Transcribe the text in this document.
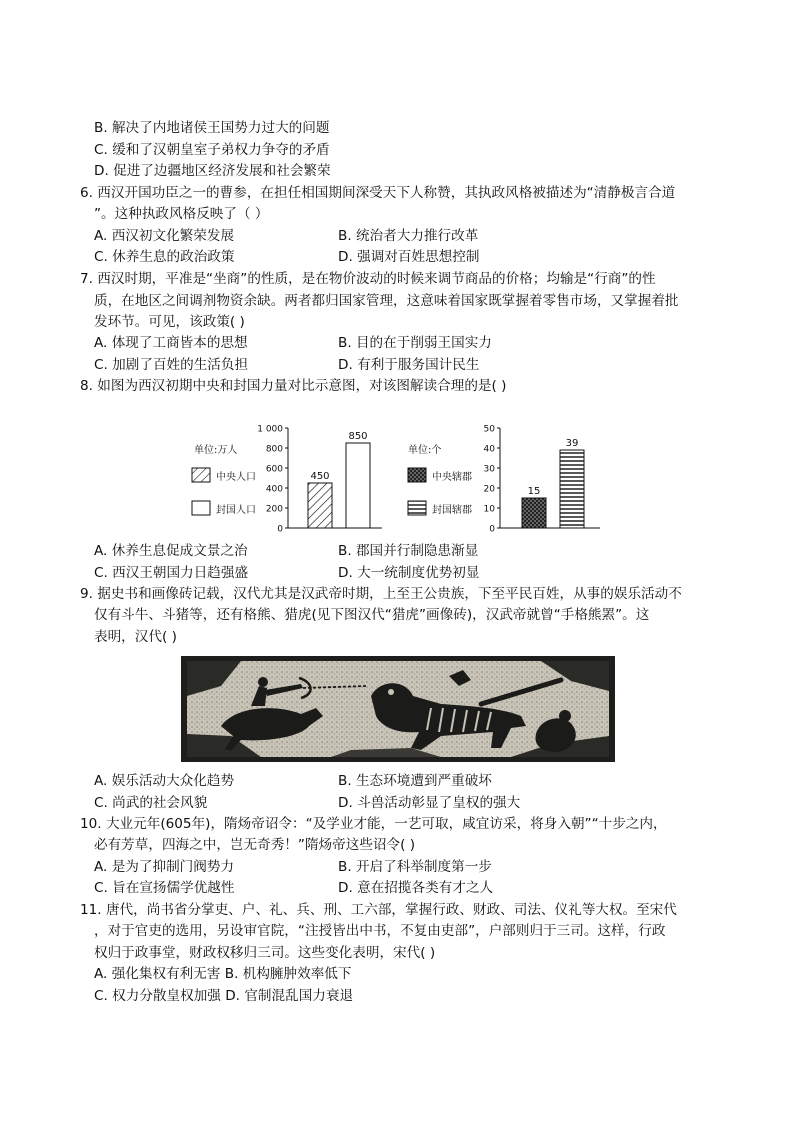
B. 解决了内地诸侯王国势力过大的问题
C. 缓和了汉朝皇室子弟权力争夺的矛盾
D. 促进了边疆地区经济发展和社会繁荣
6. 西汉开国功臣之一的曹参，在担任相国期间深受天下人称赞，其执政风格被描述为“清静极言合道
”。这种执政风格反映了（ ）
A. 西汉初文化繁荣发展	B. 统治者大力推行改革
C. 休养生息的政治政策	D. 强调对百姓思想控制
7. 西汉时期，平准是“坐商”的性质，是在物价波动的时候来调节商品的价格；均输是“行商”的性
质，在地区之间调剂物资余缺。两者都归国家管理，这意味着国家既掌握着零售市场，又掌握着批
发环节。可见，该政策( )
A. 体现了工商皆本的思想	B. 目的在于削弱王国实力
C. 加剧了百姓的生活负担	D. 有利于服务国计民生
8. 如图为西汉初期中央和封国力量对比示意图，对该图解读合理的是( )
单位:万人
中央人口
封国人口
0
200
400
600
800
1 000
450
850
单位:个
中央辖郡
封国辖郡
0
10
20
30
40
50
15
39
A. 休养生息促成文景之治	B. 郡国并行制隐患渐显
C. 西汉王朝国力日趋强盛	D. 大一统制度优势初显
9. 据史书和画像砖记载，汉代尤其是汉武帝时期，上至王公贵族，下至平民百姓，从事的娱乐活动不
仅有斗牛、斗猪等，还有格熊、猎虎(见下图汉代“猎虎”画像砖)，汉武帝就曾“手格熊罴”。这
表明，汉代( )
A. 娱乐活动大众化趋势	B. 生态环境遭到严重破坏
C. 尚武的社会风貌	D. 斗兽活动彰显了皇权的强大
10. 大业元年(605年)，隋炀帝诏令：“及学业才能，一艺可取，咸宜访采，将身入朝”“十步之内，
必有芳草，四海之中，岂无奇秀！”隋炀帝这些诏令( )
A. 是为了抑制门阀势力	B. 开启了科举制度第一步
C. 旨在宣扬儒学优越性	D. 意在招揽各类有才之人
11. 唐代，尚书省分掌吏、户、礼、兵、刑、工六部，掌握行政、财政、司法、仪礼等大权。至宋代
，对于官吏的选用，另设审官院，“注授皆出中书，不复由吏部”，户部则归于三司。这样，行政
权归于政事堂，财政权移归三司。这些变化表明，宋代( )
A. 强化集权有利无害 B. 机构臃肿效率低下
C. 权力分散皇权加强 D. 官制混乱国力衰退
